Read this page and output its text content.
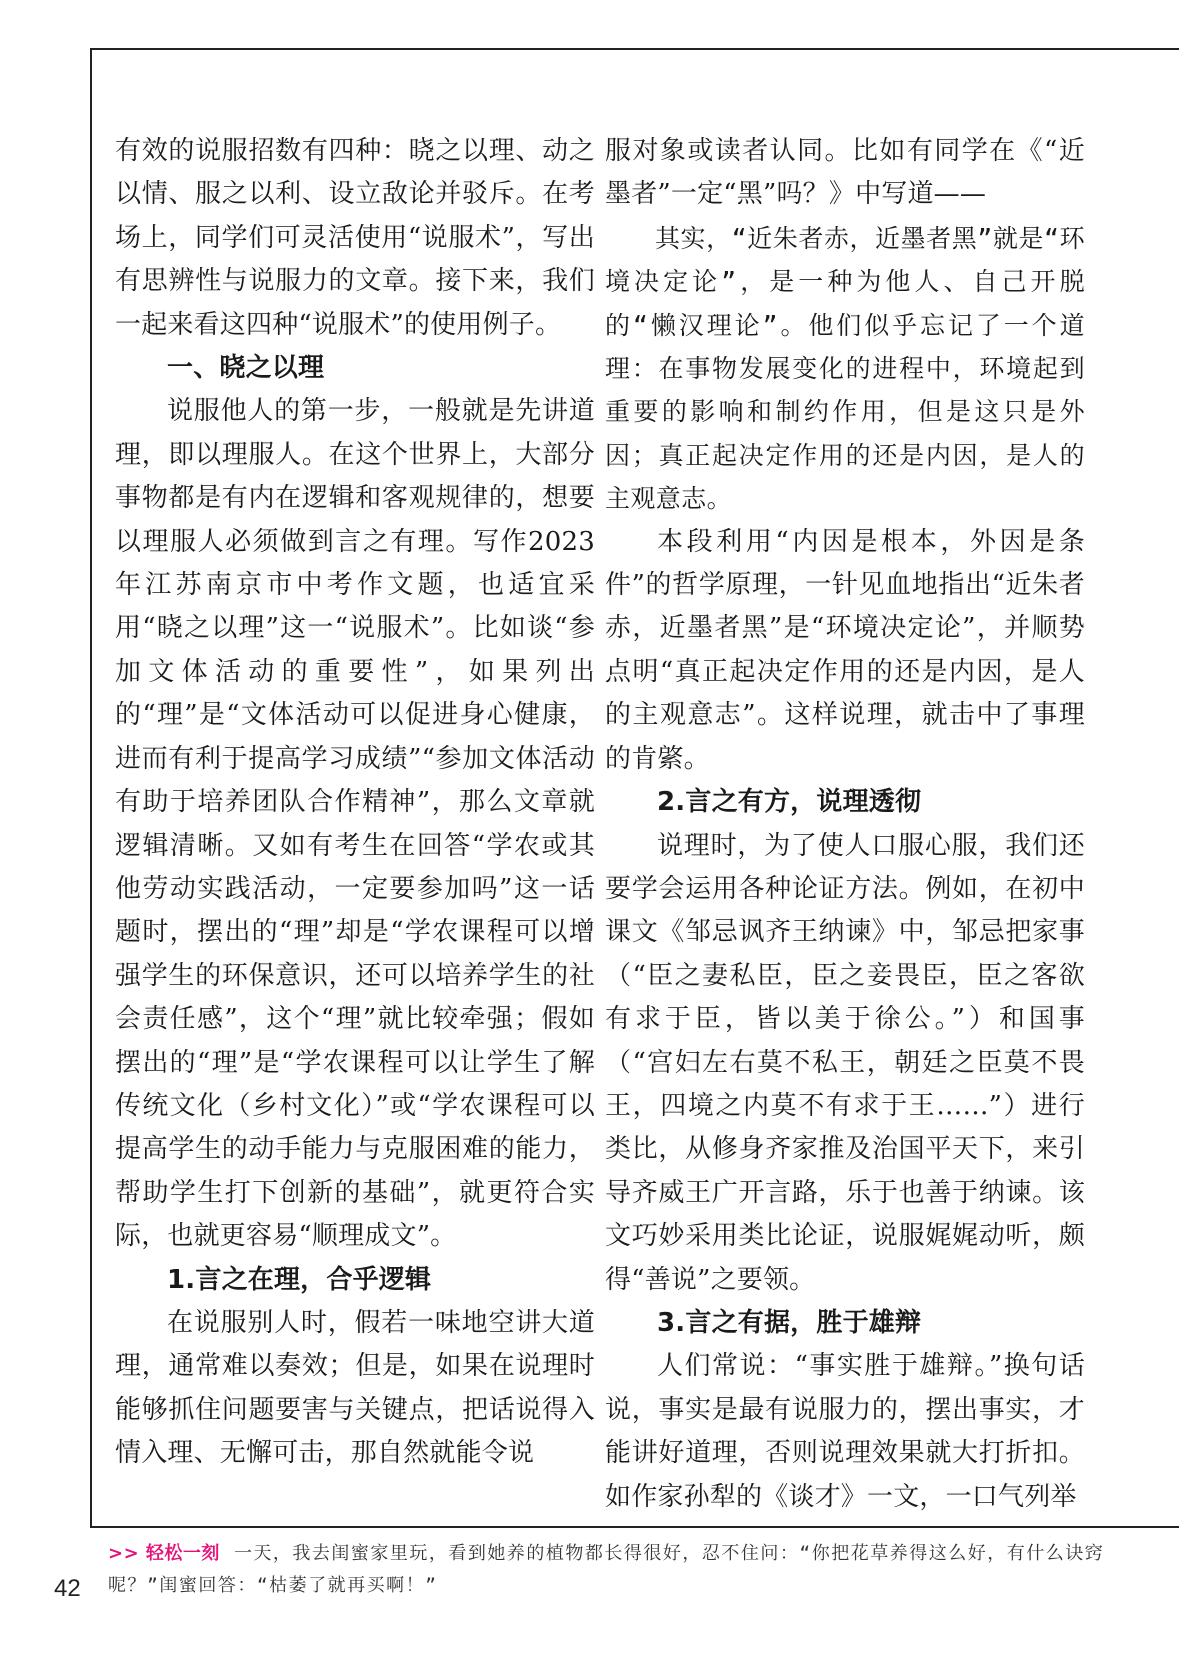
有效的说服招数有四种：晓之以理、动之以情、服之以利、设立敌论并驳斥。在考场上，同学们可灵活使用“说服术”，写出有思辨性与说服力的文章。接下来，我们一起来看这四种“说服术”的使用例子。

一、晓之以理

说服他人的第一步，一般就是先讲道理，即以理服人。在这个世界上，大部分事物都是有内在逻辑和客观规律的，想要以理服人必须做到言之有理。写作2023年江苏南京市中考作文题，也适宜采用“晓之以理”这一“说服术”。比如谈“参加文体活动的重要性”，如果列出的“理”是“文体活动可以促进身心健康，进而有利于提高学习成绩”“参加文体活动有助于培养团队合作精神”，那么文章就逻辑清晰。又如有考生在回答“学农或其他劳动实践活动，一定要参加吗”这一话题时，摆出的“理”却是“学农课程可以增强学生的环保意识，还可以培养学生的社会责任感”，这个“理”就比较牵强；假如摆出的“理”是“学农课程可以让学生了解传统文化（乡村文化）”或“学农课程可以提高学生的动手能力与克服困难的能力，帮助学生打下创新的基础”，就更符合实际，也就更容易“顺理成文”。

1.言之在理，合乎逻辑

在说服别人时，假若一味地空讲大道理，通常难以奏效；但是，如果在说理时能够抓住问题要害与关键点，把话说得入情入理、无懈可击，那自然就能令说

服对象或读者认同。比如有同学在《“近墨者”一定“黑”吗？》中写道——

其实，“近朱者赤，近墨者黑”就是“环境决定论”，是一种为他人、自己开脱的“懒汉理论”。他们似乎忘记了一个道理：在事物发展变化的进程中，环境起到重要的影响和制约作用，但是这只是外因；真正起决定作用的还是内因，是人的主观意志。

本段利用“内因是根本，外因是条件”的哲学原理，一针见血地指出“近朱者赤，近墨者黑”是“环境决定论”，并顺势点明“真正起决定作用的还是内因，是人的主观意志”。这样说理，就击中了事理的肯綮。

2.言之有方，说理透彻

说理时，为了使人口服心服，我们还要学会运用各种论证方法。例如，在初中课文《邹忌讽齐王纳谏》中，邹忌把家事（“臣之妻私臣，臣之妾畏臣，臣之客欲有求于臣，皆以美于徐公。”）和国事（“宫妇左右莫不私王，朝廷之臣莫不畏王，四境之内莫不有求于王……”）进行类比，从修身齐家推及治国平天下，来引导齐威王广开言路，乐于也善于纳谏。该文巧妙采用类比论证，说服娓娓动听，颇得“善说”之要领。

3.言之有据，胜于雄辩

人们常说：“事实胜于雄辩。”换句话说，事实是最有说服力的，摆出事实，才能讲好道理，否则说理效果就大打折扣。如作家孙犁的《谈才》一文，一口气列举

>> 轻松一刻 一天，我去闺蜜家里玩，看到她养的植物都长得很好，忍不住问：“你把花草养得这么好，有什么诀窍呢？”闺蜜回答：“枯萎了就再买啊！”
42
